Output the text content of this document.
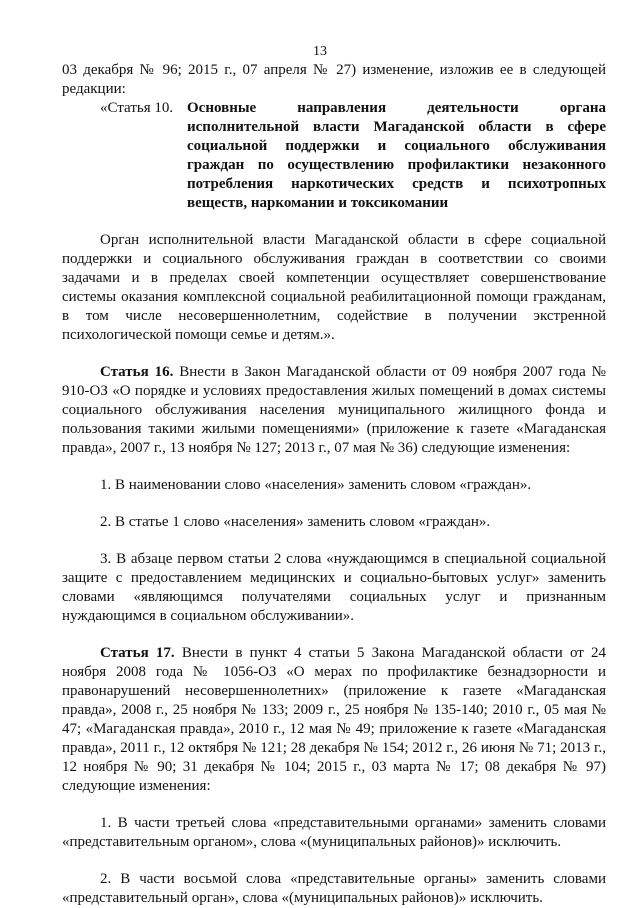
13

03 декабря № 96; 2015 г., 07 апреля № 27) изменение, изложив ее в следующей редакции:

«Статья 10. Основные направления деятельности органа исполнительной власти Магаданской области в сфере социальной поддержки и социального обслуживания граждан по осуществлению профилактики незаконного потребления наркотических средств и психотропных веществ, наркомании и токсикомании

Орган исполнительной власти Магаданской области в сфере социальной поддержки и социального обслуживания граждан в соответствии со своими задачами и в пределах своей компетенции осуществляет совершенствование системы оказания комплексной социальной реабилитационной помощи гражданам, в том числе несовершеннолетним, содействие в получении экстренной психологической помощи семье и детям.».

Статья 16. Внести в Закон Магаданской области от 09 ноября 2007 года № 910-ОЗ «О порядке и условиях предоставления жилых помещений в домах системы социального обслуживания населения муниципального жилищного фонда и пользования такими жилыми помещениями» (приложение к газете «Магаданская правда», 2007 г., 13 ноября № 127; 2013 г., 07 мая № 36) следующие изменения:

1. В наименовании слово «населения» заменить словом «граждан».

2. В статье 1 слово «населения» заменить словом «граждан».

3. В абзаце первом статьи 2 слова «нуждающимся в специальной социальной защите с предоставлением медицинских и социально-бытовых услуг» заменить словами «являющимся получателями социальных услуг и признанным нуждающимся в социальном обслуживании».

Статья 17. Внести в пункт 4 статьи 5 Закона Магаданской области от 24 ноября 2008 года № 1056-ОЗ «О мерах по профилактике безнадзорности и правонарушений несовершеннолетних» (приложение к газете «Магаданская правда», 2008 г., 25 ноября № 133; 2009 г., 25 ноября № 135-140; 2010 г., 05 мая № 47; «Магаданская правда», 2010 г., 12 мая № 49; приложение к газете «Магаданская правда», 2011 г., 12 октября № 121; 28 декабря № 154; 2012 г., 26 июня № 71; 2013 г., 12 ноября № 90; 31 декабря № 104; 2015 г., 03 марта № 17; 08 декабря № 97) следующие изменения:

1. В части третьей слова «представительными органами» заменить словами «представительным органом», слова «(муниципальных районов)» исключить.

2. В части восьмой слова «представительные органы» заменить словами «представительный орган», слова «(муниципальных районов)» исключить.
